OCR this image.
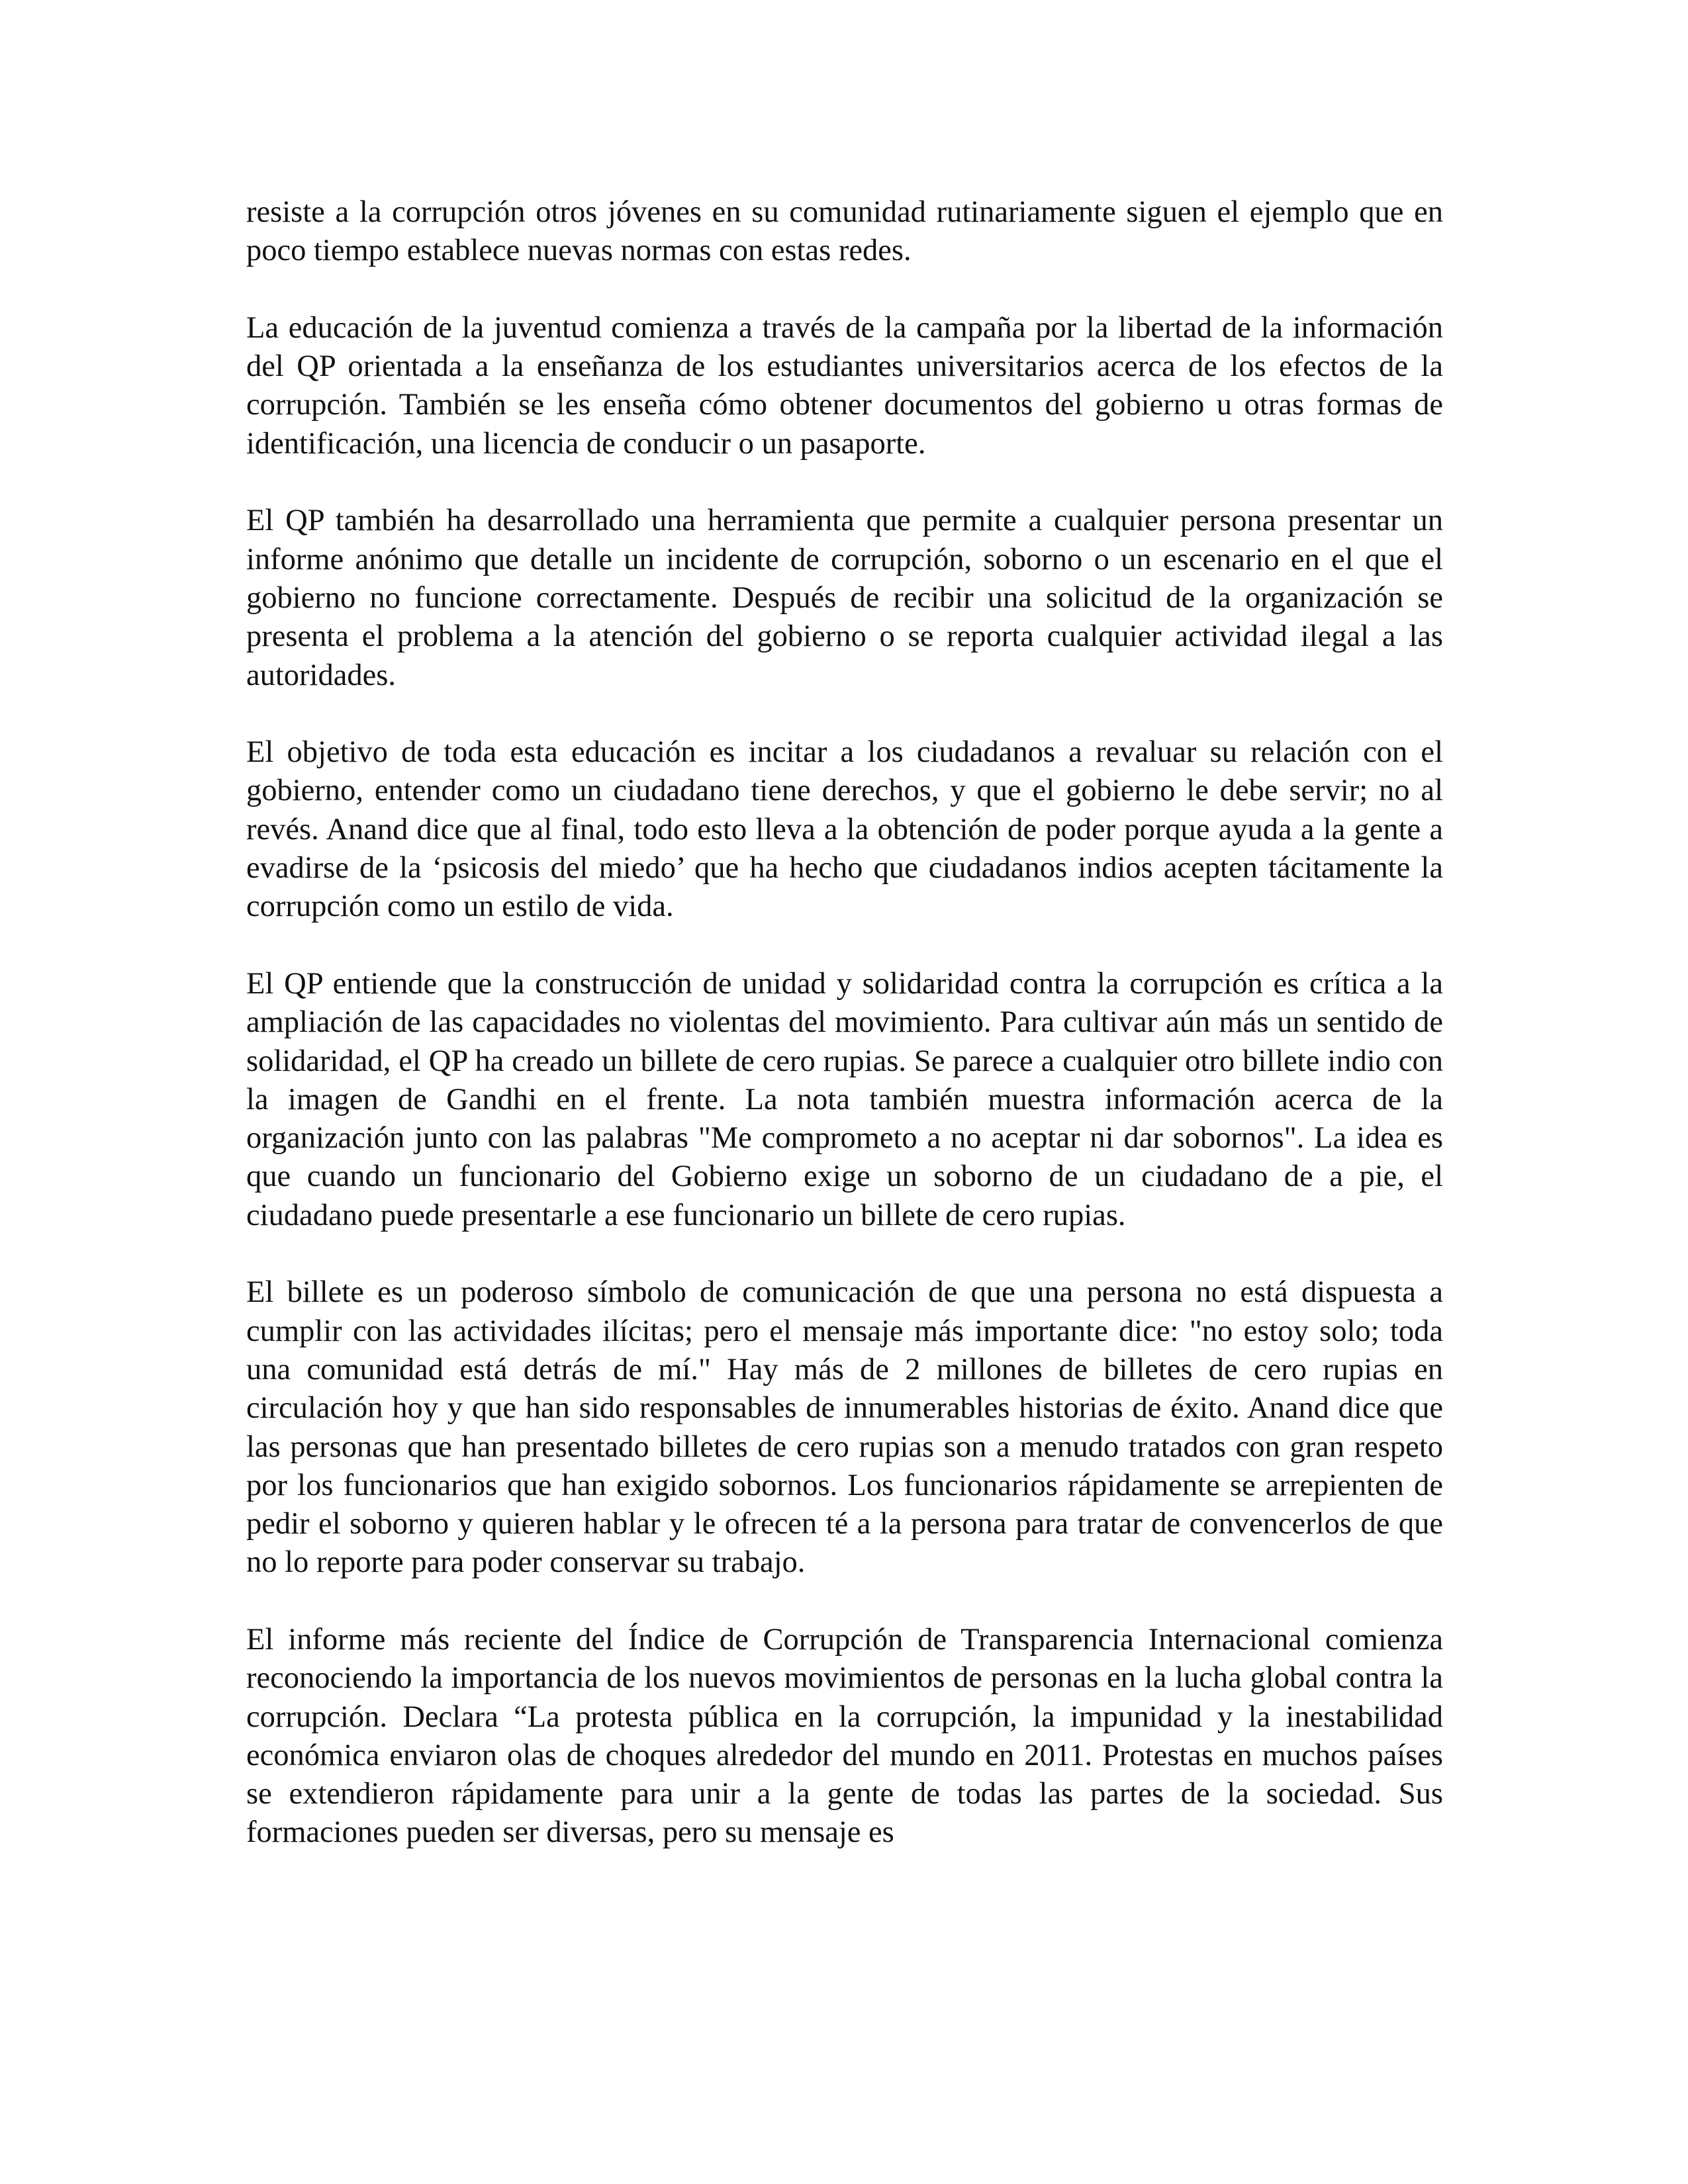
resiste a la corrupción otros jóvenes en su comunidad rutinariamente siguen el ejemplo que en poco tiempo establece nuevas normas con estas redes.

La educación de la juventud comienza a través de la campaña por la libertad de la información del QP orientada a la enseñanza de los estudiantes universitarios acerca de los efectos de la corrupción. También se les enseña cómo obtener documentos del gobierno u otras formas de identificación, una licencia de conducir o un pasaporte.

El QP también ha desarrollado una herramienta que permite a cualquier persona presentar un informe anónimo que detalle un incidente de corrupción, soborno o un escenario en el que el gobierno no funcione correctamente. Después de recibir una solicitud de la organización se presenta el problema a la atención del gobierno o se reporta cualquier actividad ilegal a las autoridades.

El objetivo de toda esta educación es incitar a los ciudadanos a revaluar su relación con el gobierno, entender como un ciudadano tiene derechos, y que el gobierno le debe servir; no al revés. Anand dice que al final, todo esto lleva a la obtención de poder porque ayuda a la gente a evadirse de la ‘psicosis del miedo’ que ha hecho que ciudadanos indios acepten tácitamente la corrupción como un estilo de vida.

El QP entiende que la construcción de unidad y solidaridad contra la corrupción es crítica a la ampliación de las capacidades no violentas del movimiento. Para cultivar aún más un sentido de solidaridad, el QP ha creado un billete de cero rupias. Se parece a cualquier otro billete indio con la imagen de Gandhi en el frente. La nota también muestra información acerca de la organización junto con las palabras "Me comprometo a no aceptar ni dar sobornos". La idea es que cuando un funcionario del Gobierno exige un soborno de un ciudadano de a pie, el ciudadano puede presentarle a ese funcionario un billete de cero rupias.

El billete es un poderoso símbolo de comunicación de que una persona no está dispuesta a cumplir con las actividades ilícitas; pero el mensaje más importante dice: "no estoy solo; toda una comunidad está detrás de mí." Hay más de 2 millones de billetes de cero rupias en circulación hoy y que han sido responsables de innumerables historias de éxito. Anand dice que las personas que han presentado billetes de cero rupias son a menudo tratados con gran respeto por los funcionarios que han exigido sobornos. Los funcionarios rápidamente se arrepienten de pedir el soborno y quieren hablar y le ofrecen té a la persona para tratar de convencerlos de que no lo reporte para poder conservar su trabajo.

El informe más reciente del Índice de Corrupción de Transparencia Internacional comienza reconociendo la importancia de los nuevos movimientos de personas en la lucha global contra la corrupción. Declara “La protesta pública en la corrupción, la impunidad y la inestabilidad económica enviaron olas de choques alrededor del mundo en 2011. Protestas en muchos países se extendieron rápidamente para unir a la gente de todas las partes de la sociedad. Sus formaciones pueden ser diversas, pero su mensaje es
